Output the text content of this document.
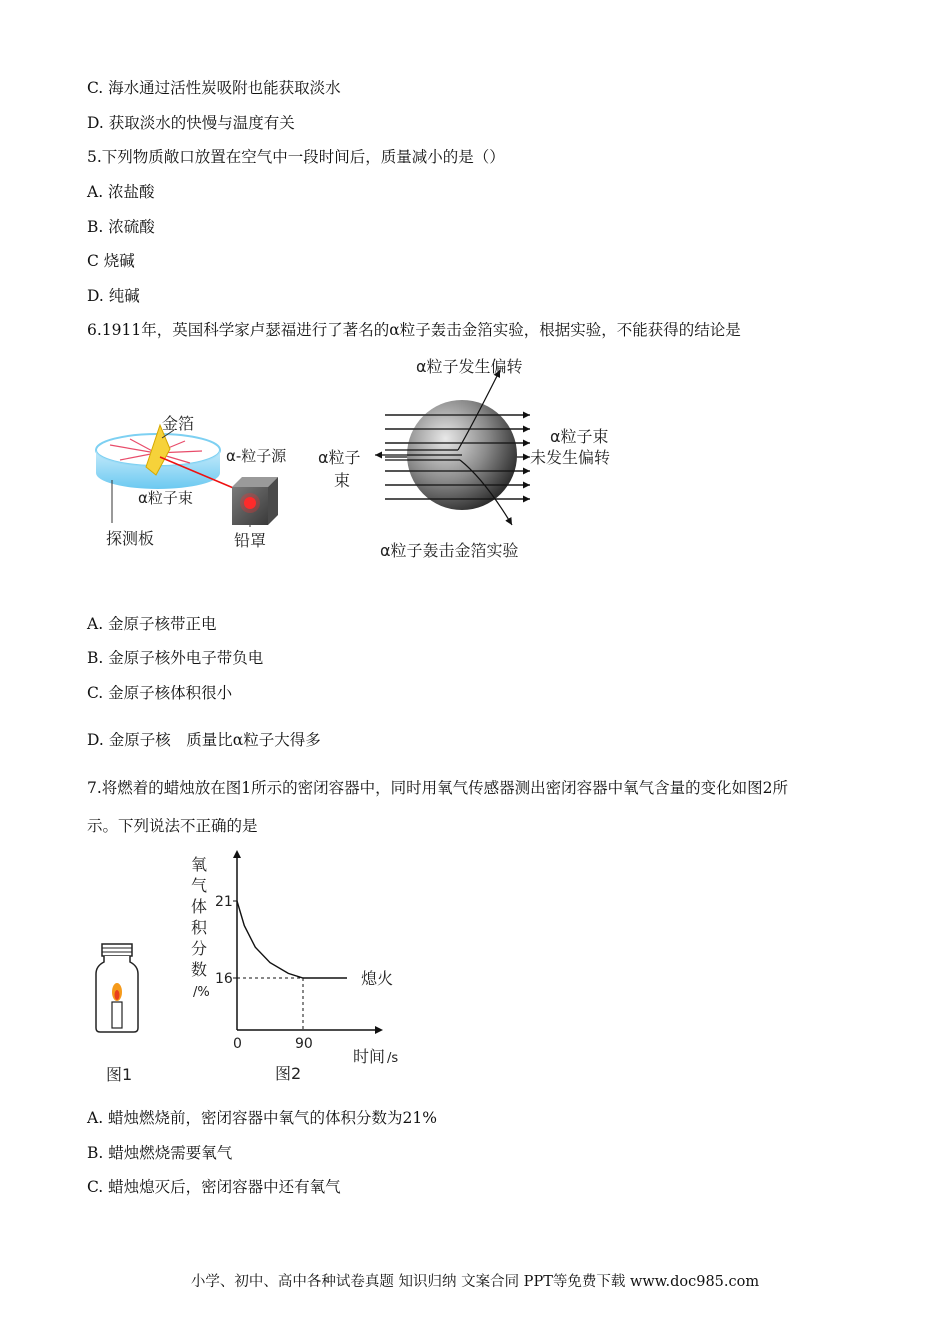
C. 海水通过活性炭吸附也能获取淡水
D. 获取淡水的快慢与温度有关
5.下列物质敞口放置在空气中一段时间后，质量减小的是（）
A. 浓盐酸
B. 浓硫酸
C 烧碱
D. 纯碱
6.1911年，英国科学家卢瑟福进行了著名的α粒子轰击金箔实验，根据实验，不能获得的结论是
金箔
α-粒子源
α粒子束
探测板	铅罩
α粒子发生偏转
α粒子
束
α粒子束
未发生偏转
α粒子轰击金箔实验
A. 金原子核带正电
B. 金原子核外电子带负电
C. 金原子核体积很小
D. 金原子核　质量比α粒子大得多
7.将燃着的蜡烛放在图1所示的密闭容器中，同时用氧气传感器测出密闭容器中氧气含量的变化如图2所
示。下列说法不正确的是
图1
氧
气
体
积
分
数
/%
21
16
0	90
熄火
时间 /s
图2
A. 蜡烛燃烧前，密闭容器中氧气的体积分数为21%
B. 蜡烛燃烧需要氧气
C. 蜡烛熄灭后，密闭容器中还有氧气
小学、初中、高中各种试卷真题 知识归纳 文案合同 PPT等免费下载 www.doc985.com
